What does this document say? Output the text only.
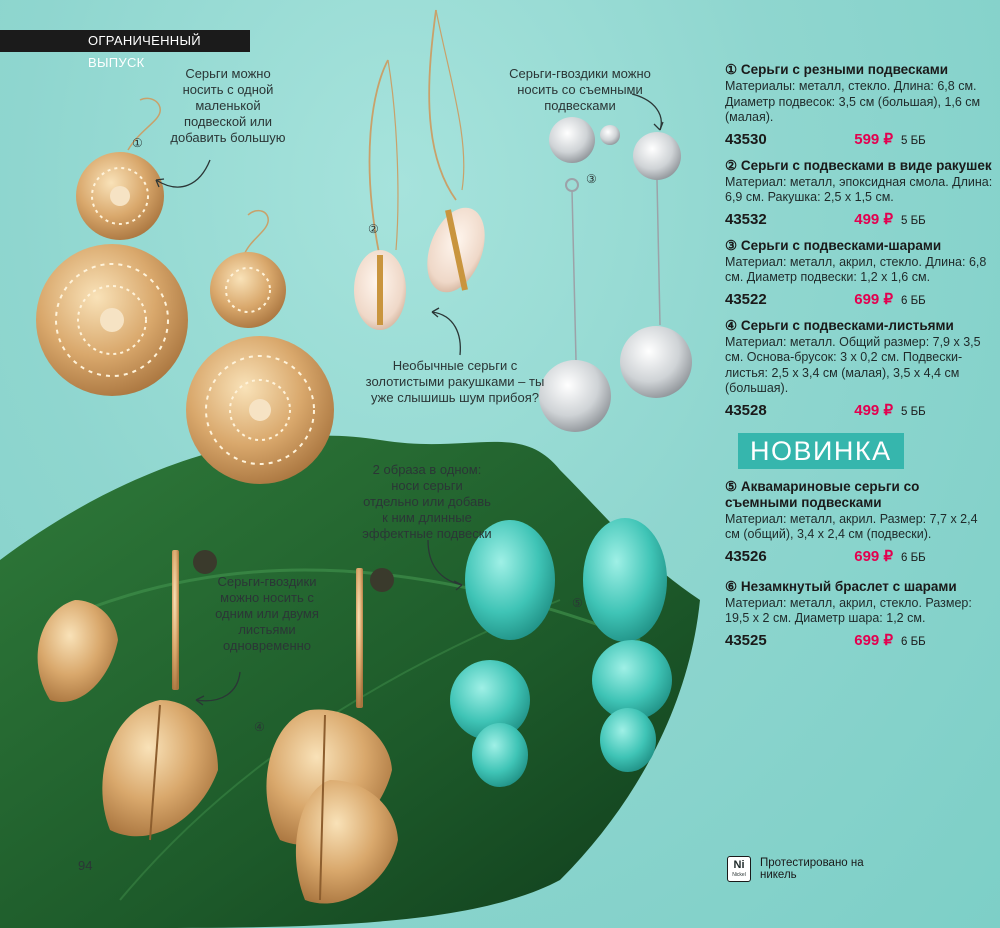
ОГРАНИЧЕННЫЙ ВЫПУСК
Серьги можно носить с одной маленькой подвеской или добавить большую
Серьги-гвоздики можно носить со съемными подвесками
Необычные серьги с золотистыми ракушками – ты уже слышишь шум прибоя?
2 образа в одном: носи серьги отдельно или добавь к ним длинные эффектные подвески
Серьги-гвоздики можно носить с одним или двумя листьями одновременно
①
②
③
④
⑤
94
① Серьги с резными подвесками
Материалы: металл, стекло. Длина: 6,8 см. Диаметр подвесок: 3,5 см (большая), 1,6 см (малая).
43530	599 ₽ 5 ББ
② Серьги с подвесками в виде ракушек
Материал: металл, эпоксидная смола. Длина: 6,9 см. Ракушка: 2,5 х 1,5 см.
43532	499 ₽ 5 ББ
③ Серьги с подвесками-шарами
Материал: металл, акрил, стекло. Длина: 6,8 см. Диаметр подвески: 1,2 х 1,6 см.
43522	699 ₽ 6 ББ
④ Серьги с подвесками-листьями
Материал: металл. Общий размер: 7,9 х 3,5 см. Основа-брусок: 3 х 0,2 см. Подвески-листья: 2,5 х 3,4 см (малая), 3,5 х 4,4 см (большая).
43528	499 ₽ 5 ББ
НОВИНКА
⑤ Аквамариновые серьги со съемными подвесками
Материал: металл, акрил. Размер: 7,7 х 2,4 см (общий), 3,4 х 2,4 см (подвески).
43526	699 ₽ 6 ББ
⑥ Незамкнутый браслет с шарами
Материал: металл, акрил, стекло. Размер: 19,5 х 2 см. Диаметр шара: 1,2 см.
43525	699 ₽ 6 ББ
Ni
Nickel
Протестировано на никель
